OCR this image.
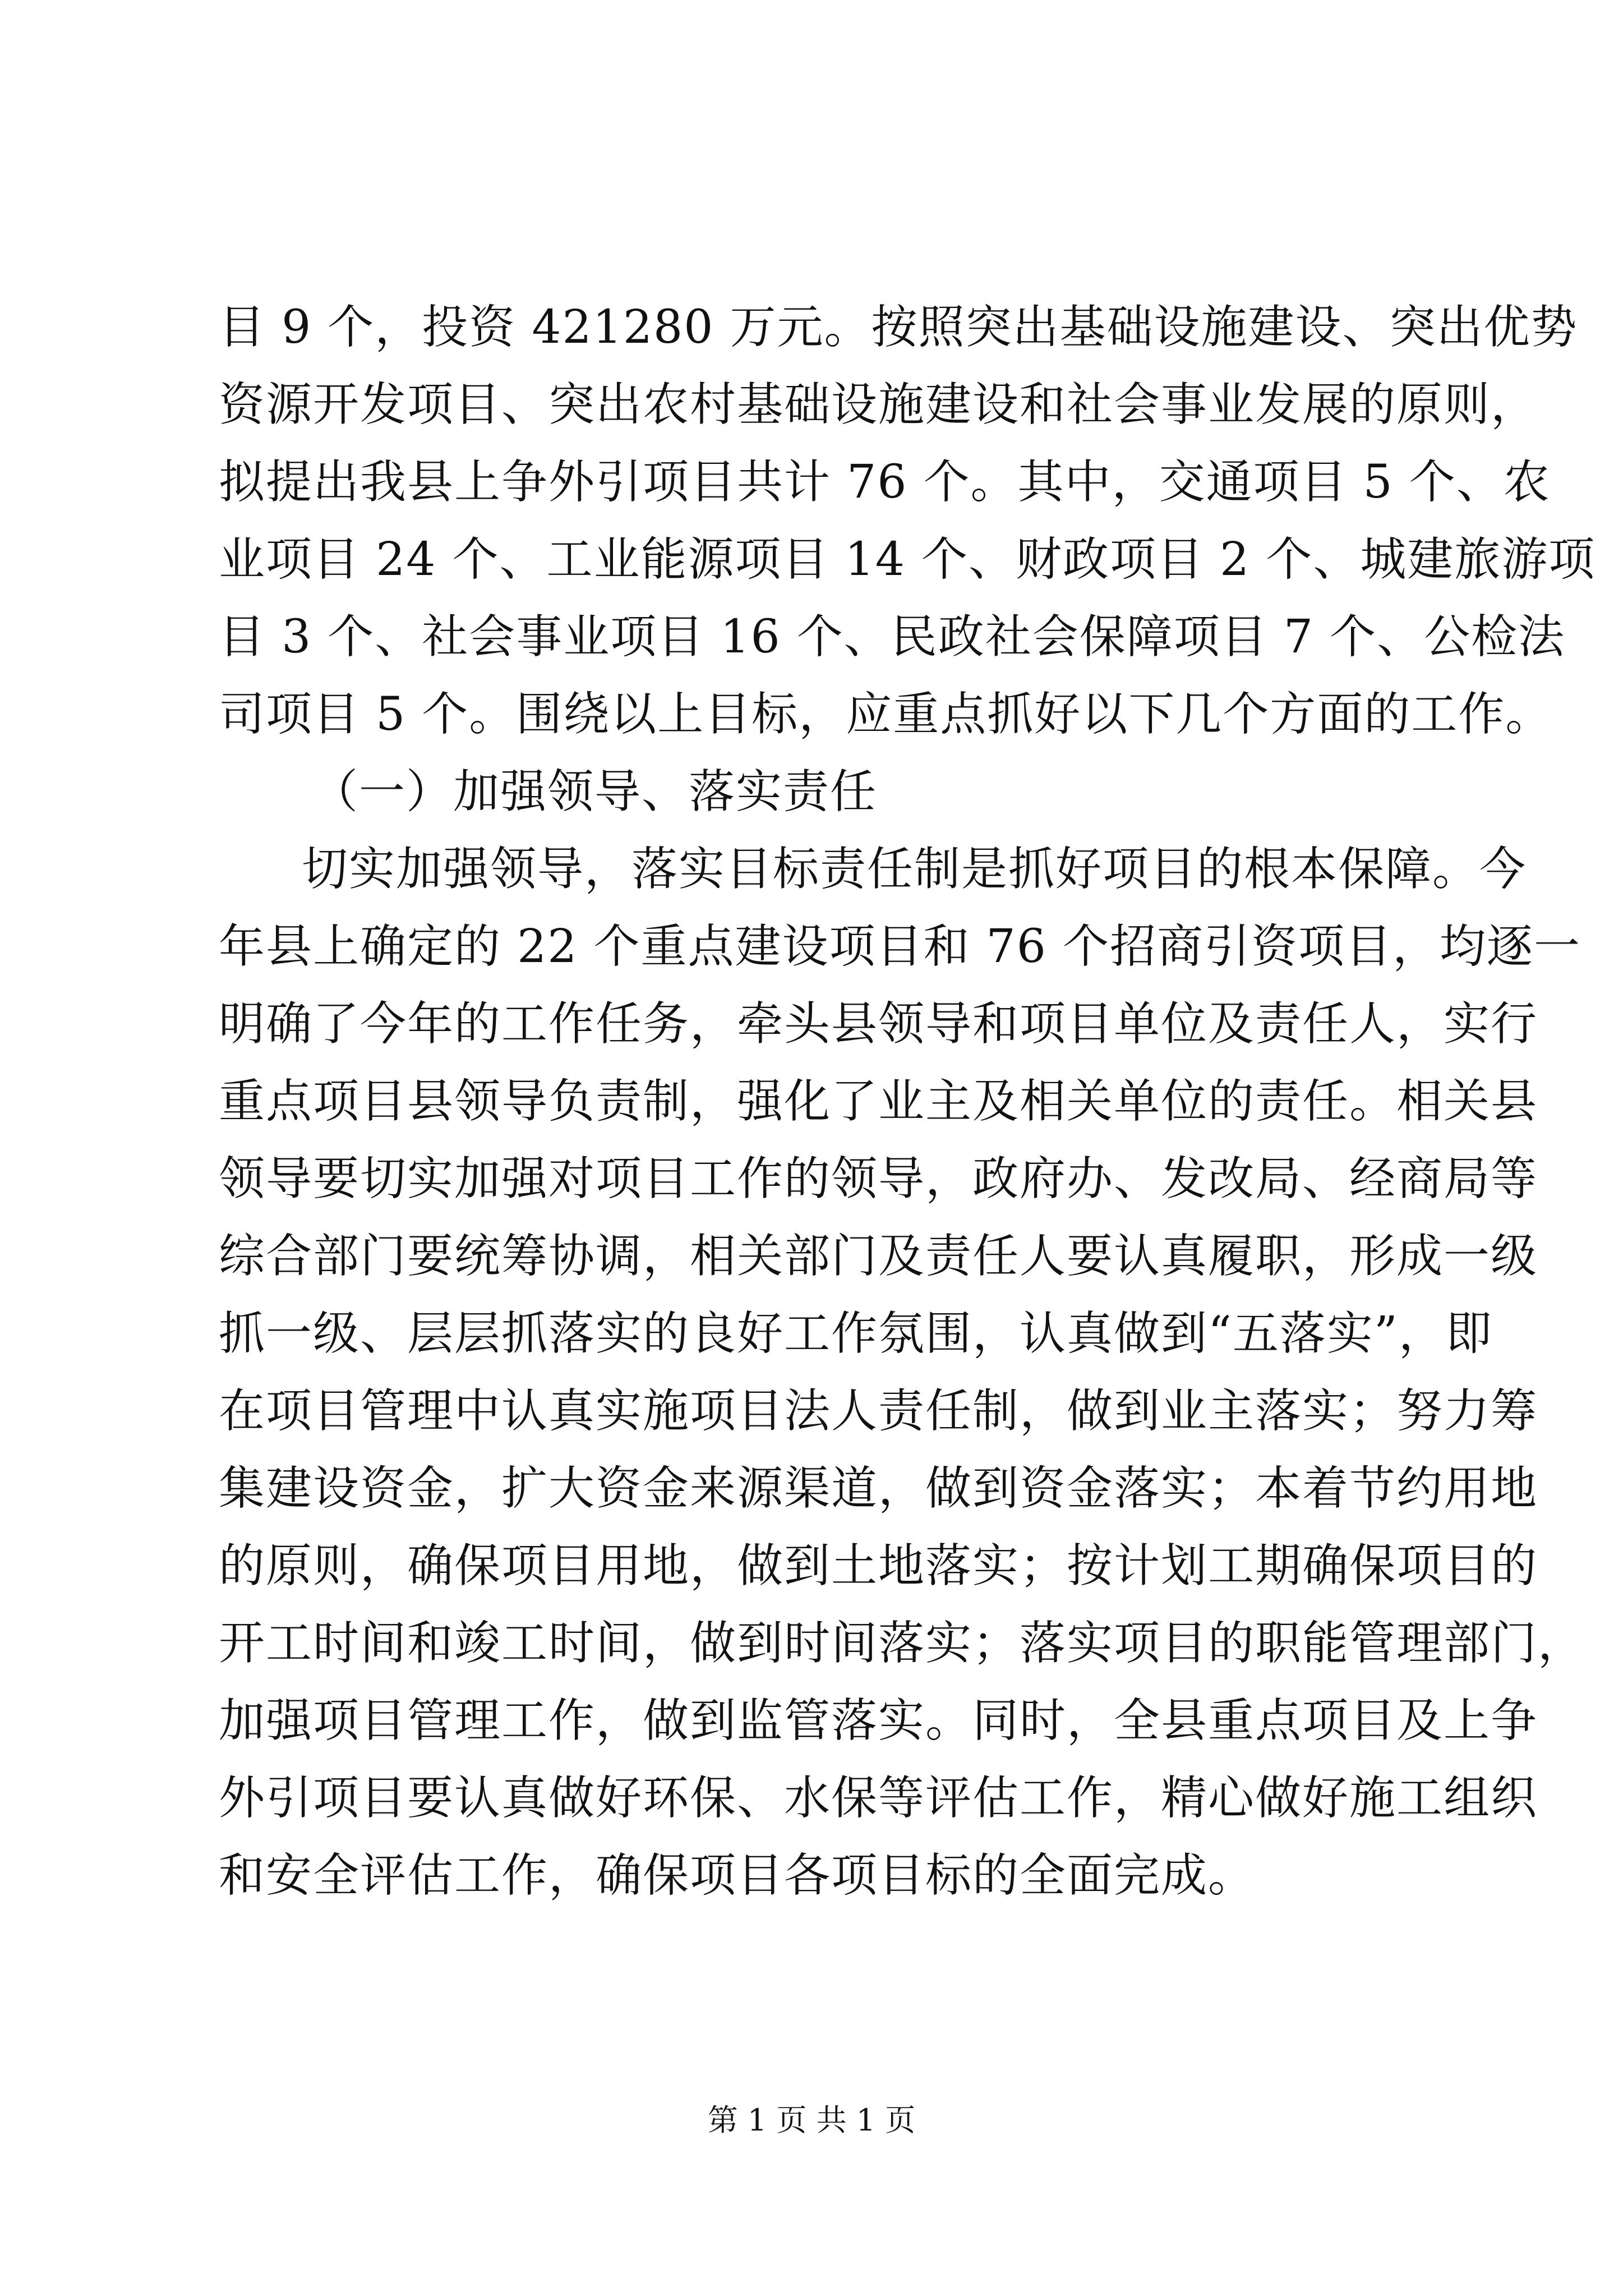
目 9 个，投资 421280 万元。按照突出基础设施建设、突出优势
资源开发项目、突出农村基础设施建设和社会事业发展的原则，
拟提出我县上争外引项目共计 76 个。其中，交通项目 5 个、农
业项目 24 个、工业能源项目 14 个、财政项目 2 个、城建旅游项
目 3 个、社会事业项目 16 个、民政社会保障项目 7 个、公检法
司项目 5 个。围绕以上目标，应重点抓好以下几个方面的工作。
（一）加强领导、落实责任
切实加强领导，落实目标责任制是抓好项目的根本保障。今
年县上确定的 22 个重点建设项目和 76 个招商引资项目，均逐一
明确了今年的工作任务，牵头县领导和项目单位及责任人，实行
重点项目县领导负责制，强化了业主及相关单位的责任。相关县
领导要切实加强对项目工作的领导，政府办、发改局、经商局等
综合部门要统筹协调，相关部门及责任人要认真履职，形成一级
抓一级、层层抓落实的良好工作氛围，认真做到“五落实”，即
在项目管理中认真实施项目法人责任制，做到业主落实；努力筹
集建设资金，扩大资金来源渠道，做到资金落实；本着节约用地
的原则，确保项目用地，做到土地落实；按计划工期确保项目的
开工时间和竣工时间，做到时间落实；落实项目的职能管理部门，
加强项目管理工作，做到监管落实。同时，全县重点项目及上争
外引项目要认真做好环保、水保等评估工作，精心做好施工组织
和安全评估工作，确保项目各项目标的全面完成。
第 1 页 共 1 页
